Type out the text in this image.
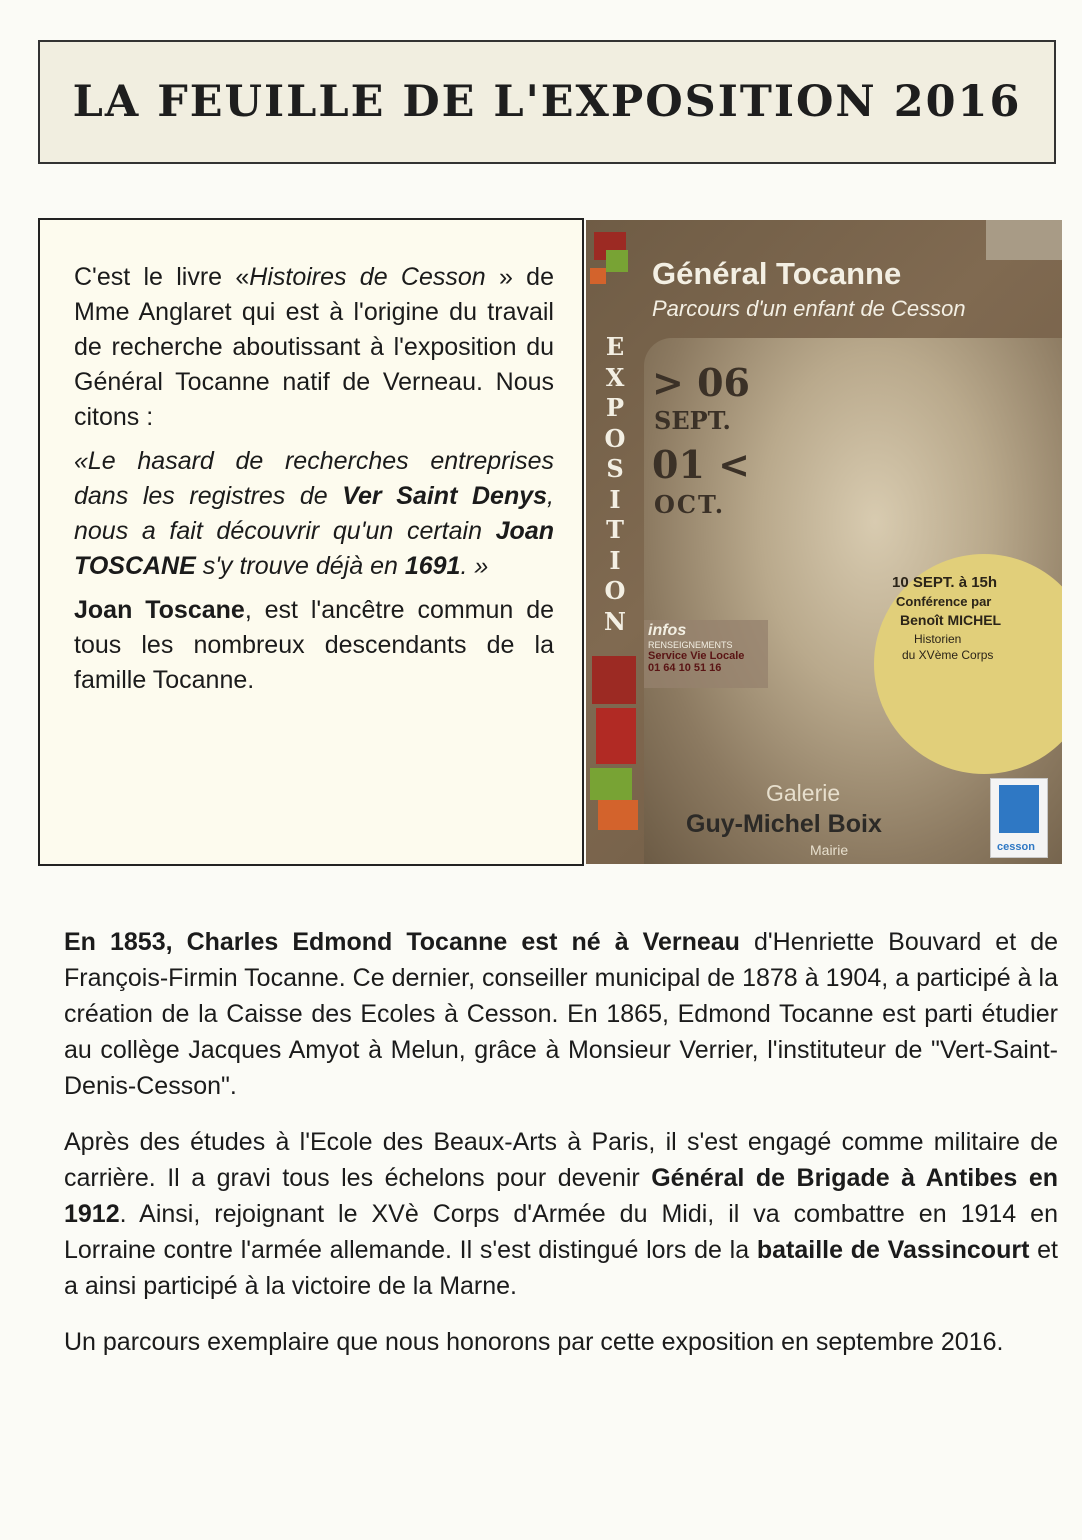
LA FEUILLE DE L'EXPOSITION 2016

C'est le livre «Histoires de Cesson » de Mme Anglaret qui est à l'origine du travail de recherche aboutissant à l'exposition du Général Tocanne natif de Verneau. Nous citons :

«Le hasard de recherches entreprises dans les registres de Ver Saint Denys, nous a fait découvrir qu'un certain Joan TOSCANE s'y trouve déjà en 1691. »

Joan Toscane, est l'ancêtre commun de tous les nombreux descendants de la famille Tocanne.

Général Tocanne
Parcours d'un enfant de Cesson
E
X
P
O
S
I
T
I
O
N
> 06
SEPT.
01 <
OCT.
infos
RENSEIGNEMENTS
Service Vie Locale
01 64 10 51 16
10 SEPT. à 15h
Conférence par
Benoît MICHEL
Historien
du XVème Corps
Galerie
Guy-Michel Boix
Mairie	cesson

En 1853, Charles Edmond Tocanne est né à Verneau d'Henriette Bouvard et de François-Firmin Tocanne. Ce dernier, conseiller municipal de 1878 à 1904, a participé à la création de la Caisse des Ecoles à Cesson. En 1865, Edmond Tocanne est parti étudier au collège Jacques Amyot à Melun, grâce à Monsieur Verrier, l'instituteur de "Vert-Saint-Denis-Cesson".

Après des études à l'Ecole des Beaux-Arts à Paris, il s'est engagé comme militaire de carrière. Il a gravi tous les échelons pour devenir Général de Brigade à Antibes en 1912. Ainsi, rejoignant le XVè Corps d'Armée du Midi, il va combattre en 1914 en Lorraine contre l'armée allemande. Il s'est distingué lors de la bataille de Vassincourt et a ainsi participé à la victoire de la Marne.

Un parcours exemplaire que nous honorons par cette exposition en septembre 2016.
